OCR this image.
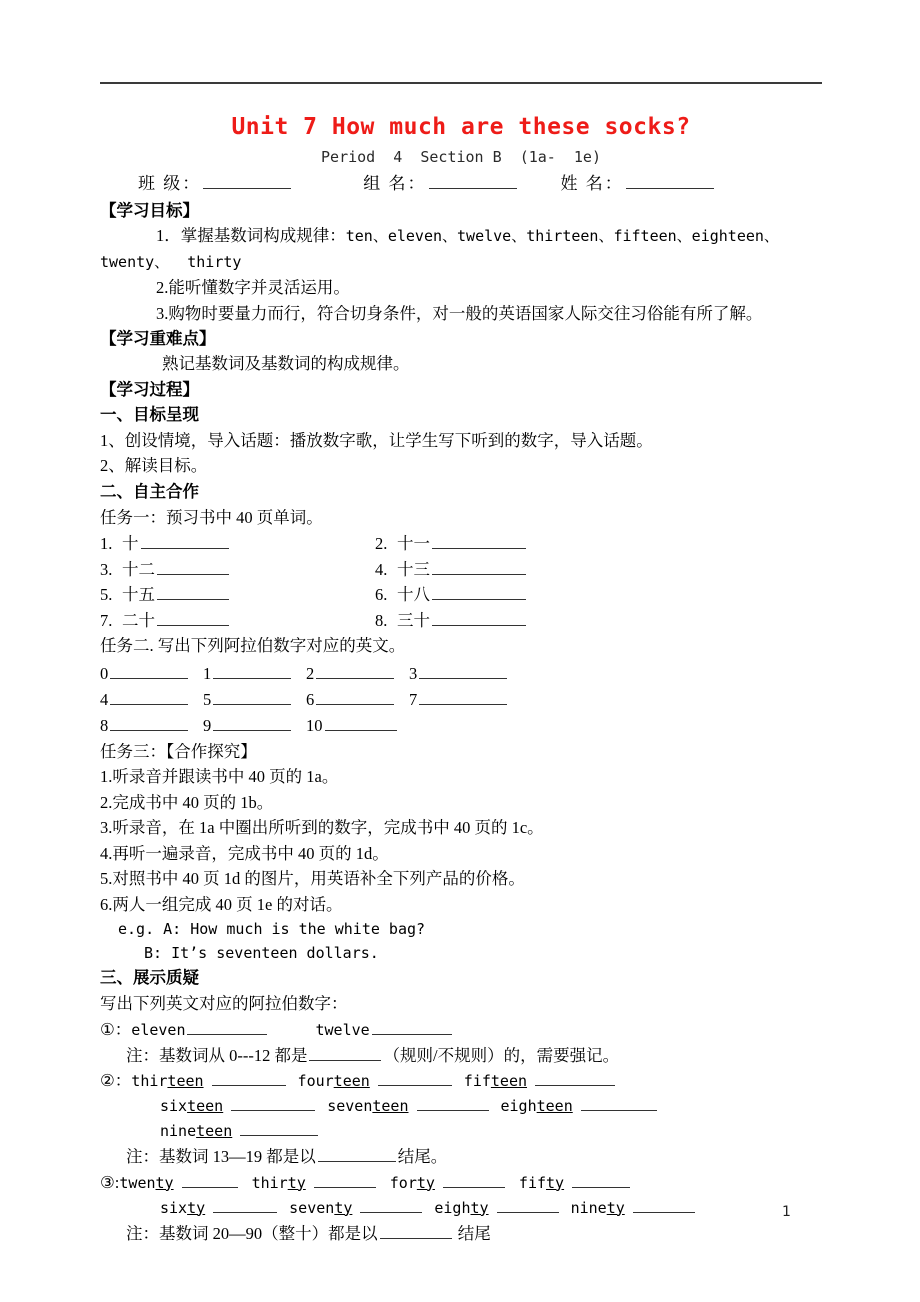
Unit 7 How much are these socks?
Period  4  Section B  (1a-  1e)
班 级：	组 名：	姓 名：
【学习目标】
1．掌握基数词构成规律：ten、eleven、twelve、thirteen、fifteen、eighteen、
twenty、  thirty
2.能听懂数字并灵活运用。
3.购物时要量力而行，符合切身条件，对一般的英语国家人际交往习俗能有所了解。
【学习重难点】
熟记基数词及基数词的构成规律。
【学习过程】
一、目标呈现
1、创设情境，导入话题：播放数字歌，让学生写下听到的数字，导入话题。
2、解读目标。
二、自主合作
任务一：预习书中 40 页单词。
1. 十	2. 十一
3. 十二	4. 十三
5. 十五	6. 十八
7. 二十	8. 三十
任务二. 写出下列阿拉伯数字对应的英文。
0	1	2	3
4	5	6	7
8	9	10	
任务三：【合作探究】
1.听录音并跟读书中 40 页的 1a。
2.完成书中 40 页的 1b。
3.听录音，在 1a 中圈出所听到的数字，完成书中 40 页的 1c。
4.再听一遍录音，完成书中 40 页的 1d。
5.对照书中 40 页 1d 的图片，用英语补全下列产品的价格。
6.两人一组完成 40 页 1e 的对话。
e.g. A: How much is the white bag?
B: It’s seventeen dollars.
三、展示质疑
写出下列英文对应的阿拉伯数字：
①：eleven	twelve
注：基数词从 0---12 都是	（规则/不规则）的，需要强记。
②：thirteen	fourteen	fifteen
sixteen	seventeen	eighteen
nineteen
注：基数词 13—19 都是以	结尾。
③:twenty	thirty	forty	fifty
sixty	seventy	eighty	ninety
注：基数词 20—90（整十）都是以	结尾
1
